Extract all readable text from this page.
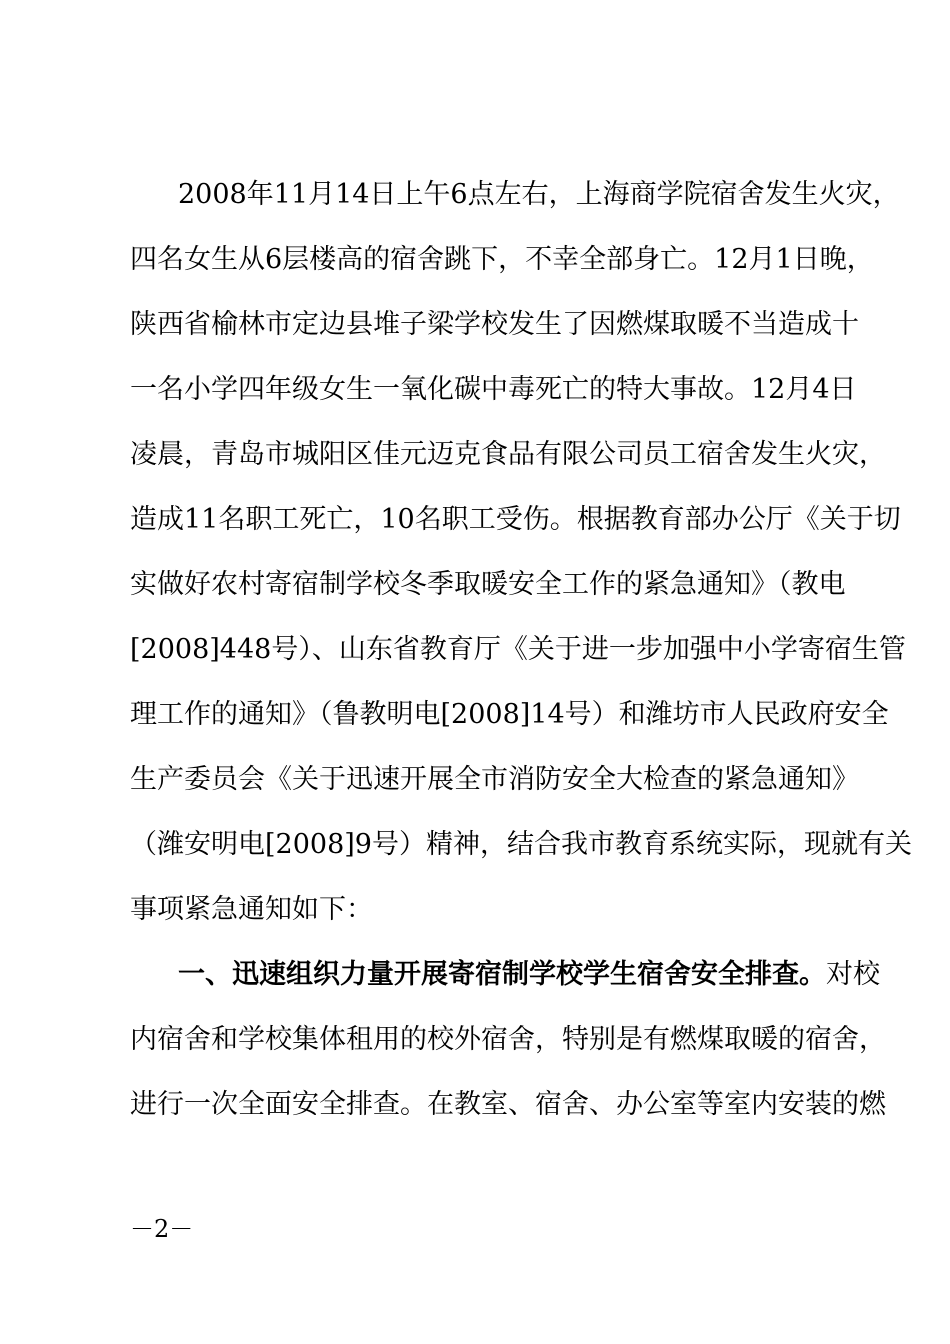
2008年11月14日上午6点左右，上海商学院宿舍发生火灾，
四名女生从6层楼高的宿舍跳下，不幸全部身亡。12月1日晚，
陕西省榆林市定边县堆子梁学校发生了因燃煤取暖不当造成十
一名小学四年级女生一氧化碳中毒死亡的特大事故。12月4日
凌晨，青岛市城阳区佳元迈克食品有限公司员工宿舍发生火灾，
造成11名职工死亡，10名职工受伤。根据教育部办公厅《关于切
实做好农村寄宿制学校冬季取暖安全工作的紧急通知》（教电
[2008]448号）、山东省教育厅《关于进一步加强中小学寄宿生管
理工作的通知》（鲁教明电[2008]14号）和潍坊市人民政府安全
生产委员会《关于迅速开展全市消防安全大检查的紧急通知》
（潍安明电[2008]9号）精神，结合我市教育系统实际，现就有关
事项紧急通知如下：
一、迅速组织力量开展寄宿制学校学生宿舍安全排查。对校
内宿舍和学校集体租用的校外宿舍，特别是有燃煤取暖的宿舍，
进行一次全面安全排查。在教室、宿舍、办公室等室内安装的燃
－2－
